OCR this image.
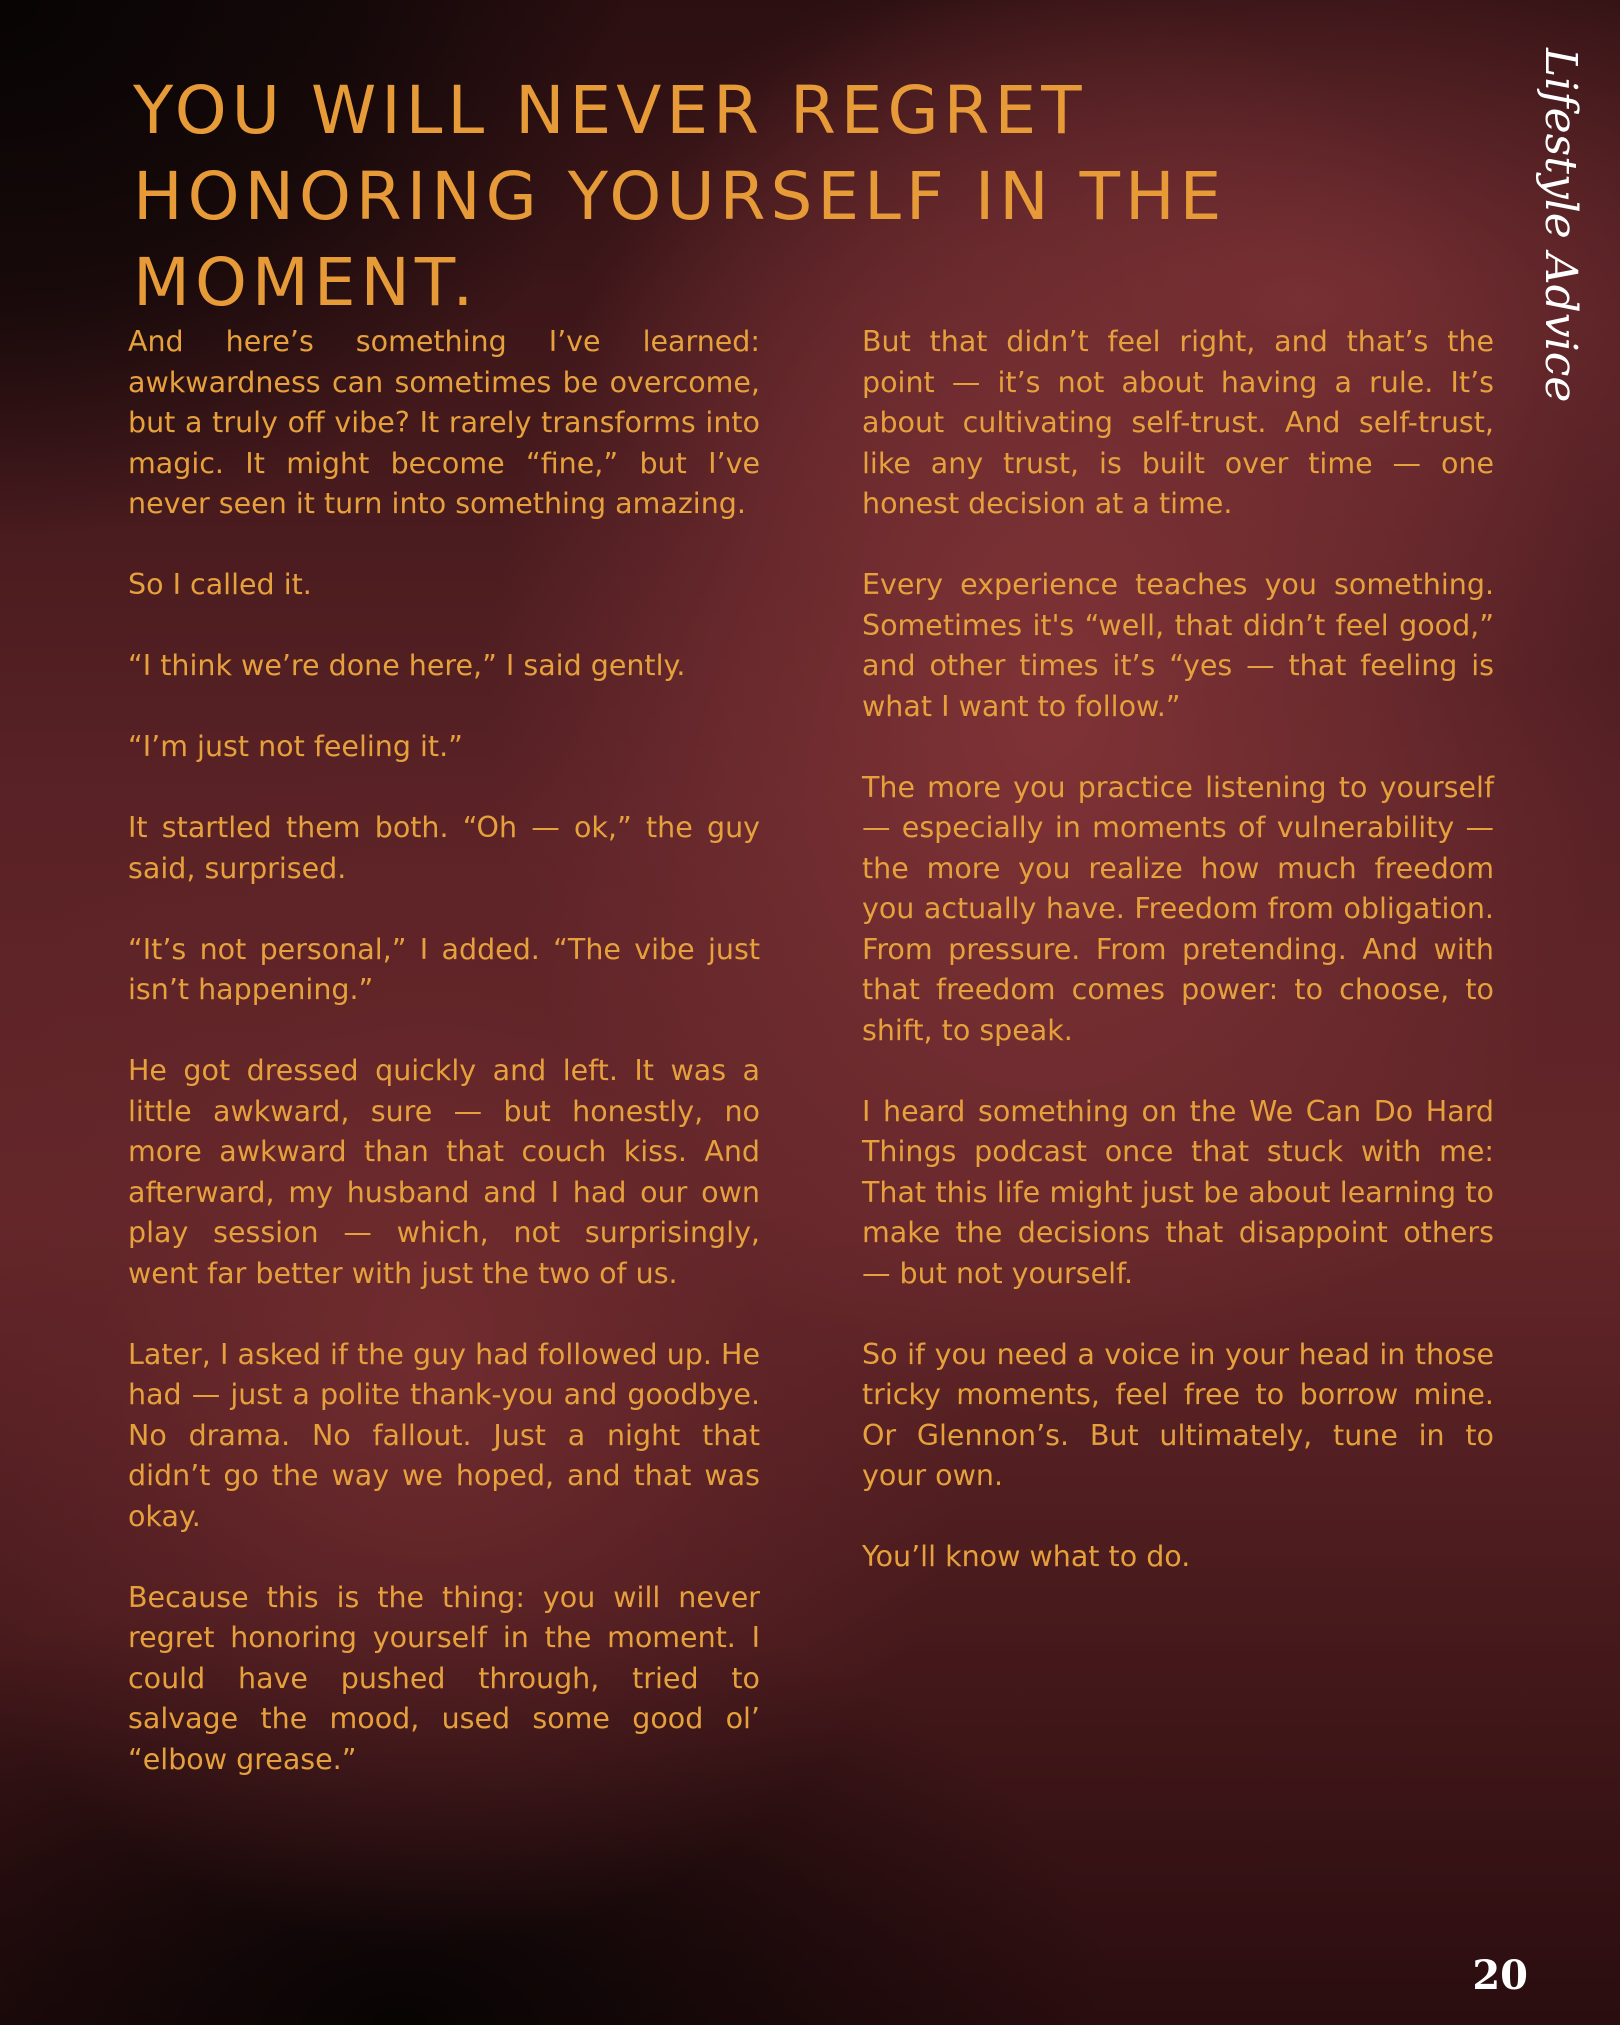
YOU WILL NEVER REGRET HONORING YOURSELF IN THE MOMENT.	Lifestyle Advice

And here’s something I’ve learned: awkwardness can sometimes be overcome, but a truly off vibe? It rarely transforms into magic. It might become “fine,” but I’ve never seen it turn into something amazing.

So I called it.

“I think we’re done here,” I said gently.

“I’m just not feeling it.”

It startled them both. “Oh — ok,” the guy said, surprised.

“It’s not personal,” I added. “The vibe just isn’t happening.”

He got dressed quickly and left. It was a little awkward, sure — but honestly, no more awkward than that couch kiss. And afterward, my husband and I had our own play session — which, not surprisingly, went far better with just the two of us.

Later, I asked if the guy had followed up. He had — just a polite thank-you and goodbye. No drama. No fallout. Just a night that didn’t go the way we hoped, and that was okay.

Because this is the thing: you will never regret honoring yourself in the moment. I could have pushed through, tried to salvage the mood, used some good ol’ “elbow grease.”

But that didn’t feel right, and that’s the point — it’s not about having a rule. It’s about cultivating self-trust. And self-trust, like any trust, is built over time — one honest decision at a time.

Every experience teaches you something. Sometimes it's “well, that didn’t feel good,” and other times it’s “yes — that feeling is what I want to follow.”

The more you practice listening to yourself — especially in moments of vulnerability — the more you realize how much freedom you actually have. Freedom from obligation. From pressure. From pretending. And with that freedom comes power: to choose, to shift, to speak.

I heard something on the We Can Do Hard Things podcast once that stuck with me: That this life might just be about learning to make the decisions that disappoint others — but not yourself.

So if you need a voice in your head in those tricky moments, feel free to borrow mine. Or Glennon’s. But ultimately, tune in to your own.

You’ll know what to do.

20
